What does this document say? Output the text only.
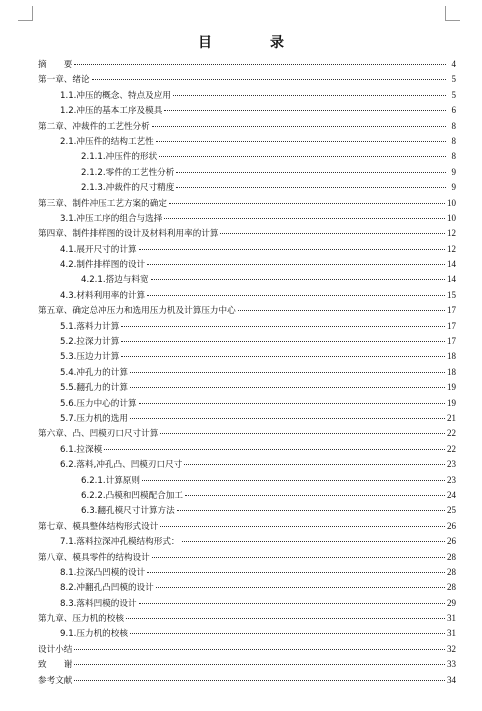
目　录
摘　　要	4
第一章、绪论	5
1.1.冲压的概念、特点及应用	5
1.2.冲压的基本工序及模具	6
第二章、冲裁件的工艺性分析	8
2.1.冲压件的结构工艺性	8
2.1.1.冲压件的形状	8
2.1.2.零件的工艺性分析	9
2.1.3.冲裁件的尺寸精度	9
第三章、制件冲压工艺方案的确定	10
3.1.冲压工序的组合与选择	10
第四章、制件排样图的设计及材料利用率的计算	12
4.1.展开尺寸的计算	12
4.2.制件排样图的设计	14
4.2.1.搭边与料宽	14
4.3.材料利用率的计算	15
第五章、确定总冲压力和选用压力机及计算压力中心	17
5.1.落料力计算	17
5.2.拉深力计算	17
5.3.压边力计算	18
5.4.冲孔力的计算	18
5.5.翻孔力的计算	19
5.6.压力中心的计算	19
5.7.压力机的选用	21
第六章、凸、凹模刃口尺寸计算	22
6.1.拉深模	22
6.2.落料,冲孔凸、凹模刃口尺寸	23
6.2.1.计算原则	23
6.2.2.凸模和凹模配合加工	24
6.3.翻孔模尺寸计算方法	25
第七章、模具整体结构形式设计	26
7.1.落料拉深冲孔模结构形式：	26
第八章、模具零件的结构设计	28
8.1.拉深凸凹模的设计	28
8.2.冲翻孔凸凹模的设计	28
8.3.落料凹模的设计	29
第九章、压力机的校核	31
9.1.压力机的校核	31
设计小结	32
致　　谢	33
参考文献	34
